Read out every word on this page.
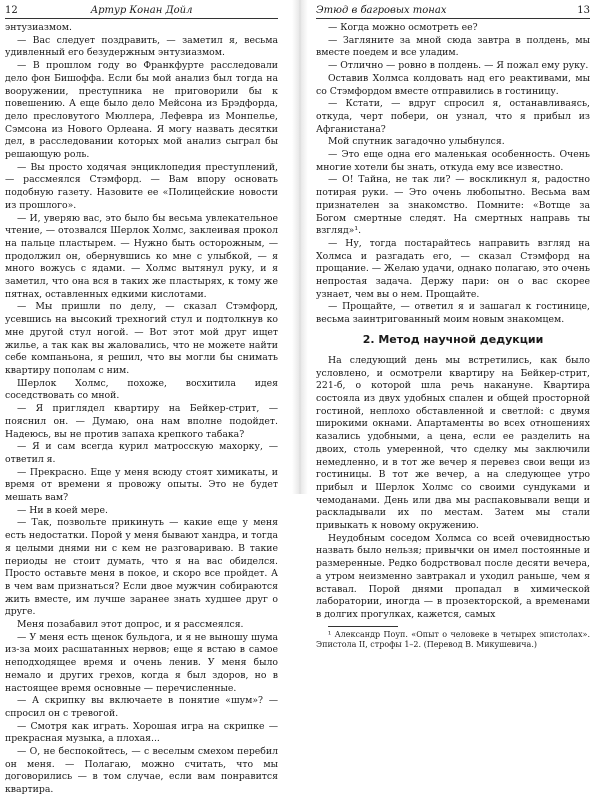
12	Артур Конан Дойл

энтузиазмом.

— Вас следует поздравить, — заметил я, весьма удивленный его безудержным энтузиазмом.

— В прошлом году во Франкфурте расследовали дело фон Бишоффа. Если бы мой анализ был тогда на вооружении, преступника не приговорили бы к повешению. А еще было дело Мейсона из Брэдфорда, дело пресловутого Мюллера, Лефевра из Монпелье, Сэмсона из Нового Орлеана. Я могу назвать десятки дел, в расследовании которых мой анализ сыграл бы решающую роль.

— Вы просто ходячая энциклопедия преступлений, — рассмеялся Стэмфорд. — Вам впору основать подобную газету. Назовите ее «Полицейские новости из прошлого».

— И, уверяю вас, это было бы весьма увлекательное чтение, — отозвался Шерлок Холмс, заклеивая прокол на пальце пластырем. — Нужно быть осторожным, — продолжил он, обернувшись ко мне с улыбкой, — я много вожусь с ядами. — Холмс вытянул руку, и я заметил, что она вся в таких же пластырях, к тому же пятнах, оставленных едкими кислотами.

— Мы пришли по делу, — сказал Стэмфорд, усевшись на высокий трехногий стул и подтолкнув ко мне другой стул ногой. — Вот этот мой друг ищет жилье, а так как вы жаловались, что не можете найти себе компаньона, я решил, что вы могли бы снимать квартиру пополам с ним.

Шерлок Холмс, похоже, восхитила идея соседствовать со мной.

— Я приглядел квартиру на Бейкер-стрит, — пояснил он. — Думаю, она нам вполне подойдет. Надеюсь, вы не против запаха крепкого табака?

— Я и сам всегда курил матросскую махорку, — ответил я.

— Прекрасно. Еще у меня всюду стоят химикаты, и время от времени я провожу опыты. Это не будет мешать вам?

— Ни в коей мере.

— Так, позвольте прикинуть — какие еще у меня есть недостатки. Порой у меня бывают хандра, и тогда я целыми днями ни с кем не разговариваю. В такие периоды не стоит думать, что я на вас обиделся. Просто оставьте меня в покое, и скоро все пройдет. А в чем вам признаться? Если двое мужчин собираются жить вместе, им лучше заранее знать худшее друг о друге.

Меня позабавил этот допрос, и я рассмеялся.

— У меня есть щенок бульдога, и я не выношу шума из-за моих расшатанных нервов; еще я встаю в самое неподходящее время и очень ленив. У меня было немало и других грехов, когда я был здоров, но в настоящее время основные — перечисленные.

— А скрипку вы включаете в понятие «шум»? — спросил он с тревогой.

— Смотря как играть. Хорошая игра на скрипке — прекрасная музыка, а плохая...

— О, не беспокойтесь, — с веселым смехом перебил он меня. — Полагаю, можно считать, что мы договорились — в том случае, если вам понравится квартира.

Этюд в багровых тонах	13

— Когда можно осмотреть ее?

— Загляните за мной сюда завтра в полдень, мы вместе поедем и все уладим.

— Отлично — ровно в полдень. — Я пожал ему руку.

Оставив Холмса колдовать над его реактивами, мы со Стэмфордом вместе отправились в гостиницу.

— Кстати, — вдруг спросил я, останавливаясь, откуда, черт побери, он узнал, что я прибыл из Афганистана?

Мой спутник загадочно улыбнулся.

— Это еще одна его маленькая особенность. Очень многие хотели бы знать, откуда ему все известно.

— О! Тайна, не так ли? — воскликнул я, радостно потирая руки. — Это очень любопытно. Весьма вам признателен за знакомство. Помните: «Вотще за Богом смертные следят. На смертных направь ты взгляд»¹.

— Ну, тогда постарайтесь направить взгляд на Холмса и разгадать его, — сказал Стэмфорд на прощание. — Желаю удачи, однако полагаю, это очень непростая задача. Держу пари: он о вас скорее узнает, чем вы о нем. Прощайте.

— Прощайте, — ответил я и зашагал к гостинице, весьма заинтригованный моим новым знакомцем.

2. Метод научной дедукции

На следующий день мы встретились, как было условлено, и осмотрели квартиру на Бейкер-стрит, 221-б, о которой шла речь накануне. Квартира состояла из двух удобных спален и общей просторной гостиной, неплохо обставленной и светлой: с двумя широкими окнами. Апартаменты во всех отношениях казались удобными, а цена, если ее разделить на двоих, столь умеренной, что сделку мы заключили немедленно, и в тот же вечер я перевез свои вещи из гостиницы. В тот же вечер, а на следующее утро прибыл и Шерлок Холмс со своими сундуками и чемоданами. День или два мы распаковывали вещи и раскладывали их по местам. Затем мы стали привыкать к новому окружению.

Неудобным соседом Холмса со всей очевидностью назвать было нельзя; привычки он имел постоянные и размеренные. Редко бодрствовал после десяти вечера, а утром неизменно завтракал и уходил раньше, чем я вставал. Порой днями пропадал в химической лаборатории, иногда — в прозекторской, а временами в долгих прогулках, кажется, самых

¹ Александр Поуп. «Опыт о человеке в четырех эпистолах». Эпистола II, строфы 1–2. (Перевод В. Микушевича.)
